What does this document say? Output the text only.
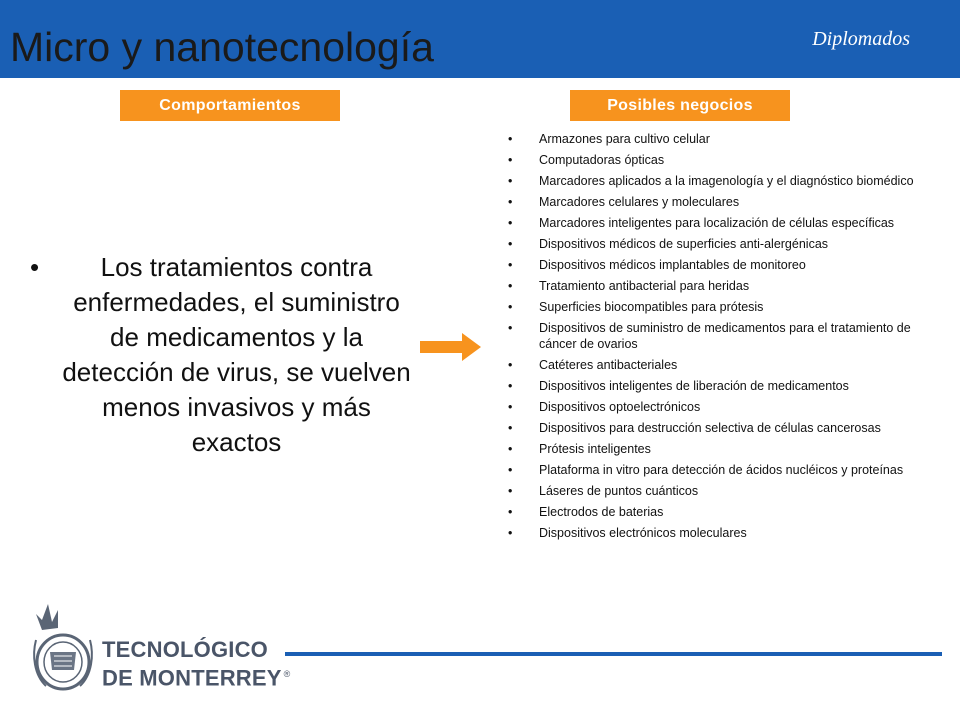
Micro y nanotecnología	Diplomados
Comportamientos	Posibles negocios
•	Los tratamientos contra enfermedades, el suministro de medicamentos y la detección de virus, se vuelven menos invasivos y más exactos
• Armazones para cultivo celular
• Computadoras ópticas
• Marcadores aplicados a la imagenología y el diagnóstico biomédico
• Marcadores celulares y moleculares
• Marcadores inteligentes para localización de células específicas
• Dispositivos médicos de superficies anti-alergénicas
• Dispositivos médicos implantables de monitoreo
• Tratamiento antibacterial para heridas
• Superficies biocompatibles para prótesis
• Dispositivos de suministro de medicamentos para el tratamiento de cáncer de ovarios
• Catéteres antibacteriales
• Dispositivos inteligentes de liberación de medicamentos
• Dispositivos optoelectrónicos
• Dispositivos para destrucción selectiva de células cancerosas
• Prótesis inteligentes
• Plataforma in vitro para detección de ácidos nucléicos y proteínas
• Láseres de puntos cuánticos
• Electrodos de baterias
• Dispositivos electrónicos moleculares
TECNOLÓGICO
DE MONTERREY ®
